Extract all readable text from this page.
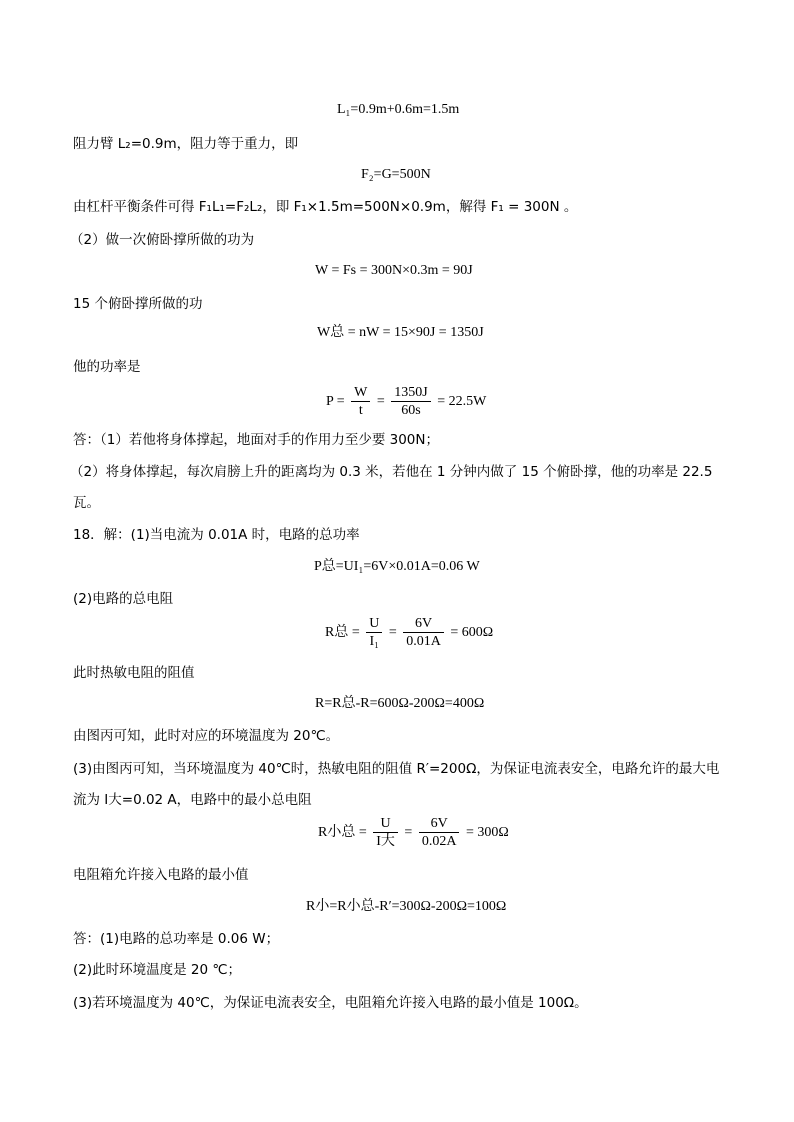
L₁=0.9m+0.6m=1.5m
阻力臂 L₂=0.9m，阻力等于重力，即
F₂=G=500N
由杠杆平衡条件可得 F₁L₁=F₂L₂，即 F₁×1.5m=500N×0.9m，解得 F₁ = 300N 。
（2）做一次俯卧撑所做的功为
W = Fs = 300N×0.3m = 90J
15 个俯卧撑所做的功
W总 = nW = 15×90J = 1350J
他的功率是
$P = \frac{W}{t} = \frac{1350J}{60s} = 22.5W$
答：（1）若他将身体撑起，地面对手的作用力至少要 300N；
（2）将身体撑起，每次肩膀上升的距离均为 0.3 米，若他在 1 分钟内做了 15 个俯卧撑，他的功率是 22.5
瓦。
18．解：(1)当电流为 0.01A 时，电路的总功率
P总=UI₁=6V×0.01A=0.06 W
(2)电路的总电阻
R总 = $\frac{U}{\text{I₁}} = \frac{6V}{0.01A} = 600\Omega$
此时热敏电阻的阻值
R=R总-R=600Ω-200Ω=400Ω
由图丙可知，此时对应的环境温度为 20℃。
(3)由图丙可知，当环境温度为 40℃时，热敏电阻的阻值 R′=200Ω，为保证电流表安全，电路允许的最大电
流为 I大=0.02 A，电路中的最小总电阻
R小总 = $\frac{U}{\text{I大}} = \frac{6V}{0.02A} = 300\Omega$
电阻箱允许接入电路的最小值
R小=R小总-R′=300Ω-200Ω=100Ω
答：(1)电路的总功率是 0.06 W；
(2)此时环境温度是 20 ℃；
(3)若环境温度为 40℃，为保证电流表安全，电阻箱允许接入电路的最小值是 100Ω。
